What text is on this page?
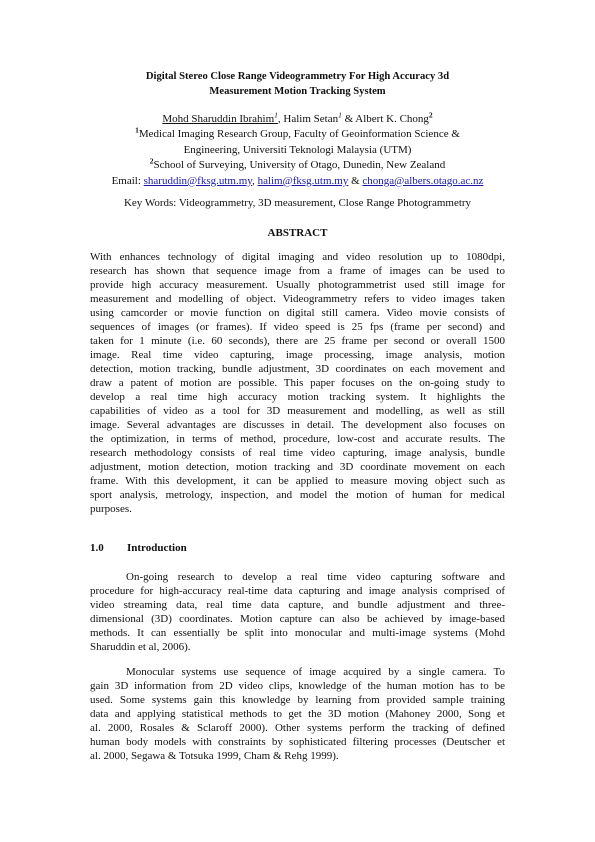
Digital Stereo Close Range Videogrammetry For High Accuracy 3d
Measurement Motion Tracking System
Mohd Sharuddin Ibrahim$^1$, Halim Setan$^1$ & Albert K. Chong$^2$
$^1$Medical Imaging Research Group, Faculty of Geoinformation Science &
Engineering, Universiti Teknologi Malaysia (UTM)
$^2$School of Surveying, University of Otago, Dunedin, New Zealand
Email: sharuddin@fksg.utm.my, halim@fksg.utm.my & chonga@albers.otago.ac.nz
Key Words: Videogrammetry, 3D measurement, Close Range Photogrammetry
ABSTRACT
With enhances technology of digital imaging and video resolution up to 1080dpi,
research has shown that sequence image from a frame of images can be used to
provide high accuracy measurement. Usually photogrammetrist used still image for
measurement and modelling of object. Videogrammetry refers to video images taken
using camcorder or movie function on digital still camera. Video movie consists of
sequences of images (or frames). If video speed is 25 fps (frame per second) and
taken for 1 minute (i.e. 60 seconds), there are 25 frame per second or overall 1500
image. Real time video capturing, image processing, image analysis, motion
detection, motion tracking, bundle adjustment, 3D coordinates on each movement and
draw a patent of motion are possible. This paper focuses on the on-going study to
develop a real time high accuracy motion tracking system. It highlights the
capabilities of video as a tool for 3D measurement and modelling, as well as still
image. Several advantages are discusses in detail. The development also focuses on
the optimization, in terms of method, procedure, low-cost and accurate results. The
research methodology consists of real time video capturing, image analysis, bundle
adjustment, motion detection, motion tracking and 3D coordinate movement on each
frame. With this development, it can be applied to measure moving object such as
sport analysis, metrology, inspection, and model the motion of human for medical
purposes.
1.0 Introduction
On-going research to develop a real time video capturing software and
procedure for high-accuracy real-time data capturing and image analysis comprised of
video streaming data, real time data capture, and bundle adjustment and three-
dimensional (3D) coordinates. Motion capture can also be achieved by image-based
methods. It can essentially be split into monocular and multi-image systems (Mohd
Sharuddin et al, 2006).
Monocular systems use sequence of image acquired by a single camera. To
gain 3D information from 2D video clips, knowledge of the human motion has to be
used. Some systems gain this knowledge by learning from provided sample training
data and applying statistical methods to get the 3D motion (Mahoney 2000, Song et
al. 2000, Rosales & Sclaroff 2000). Other systems perform the tracking of defined
human body models with constraints by sophisticated filtering processes (Deutscher et
al. 2000, Segawa & Totsuka 1999, Cham & Rehg 1999).
